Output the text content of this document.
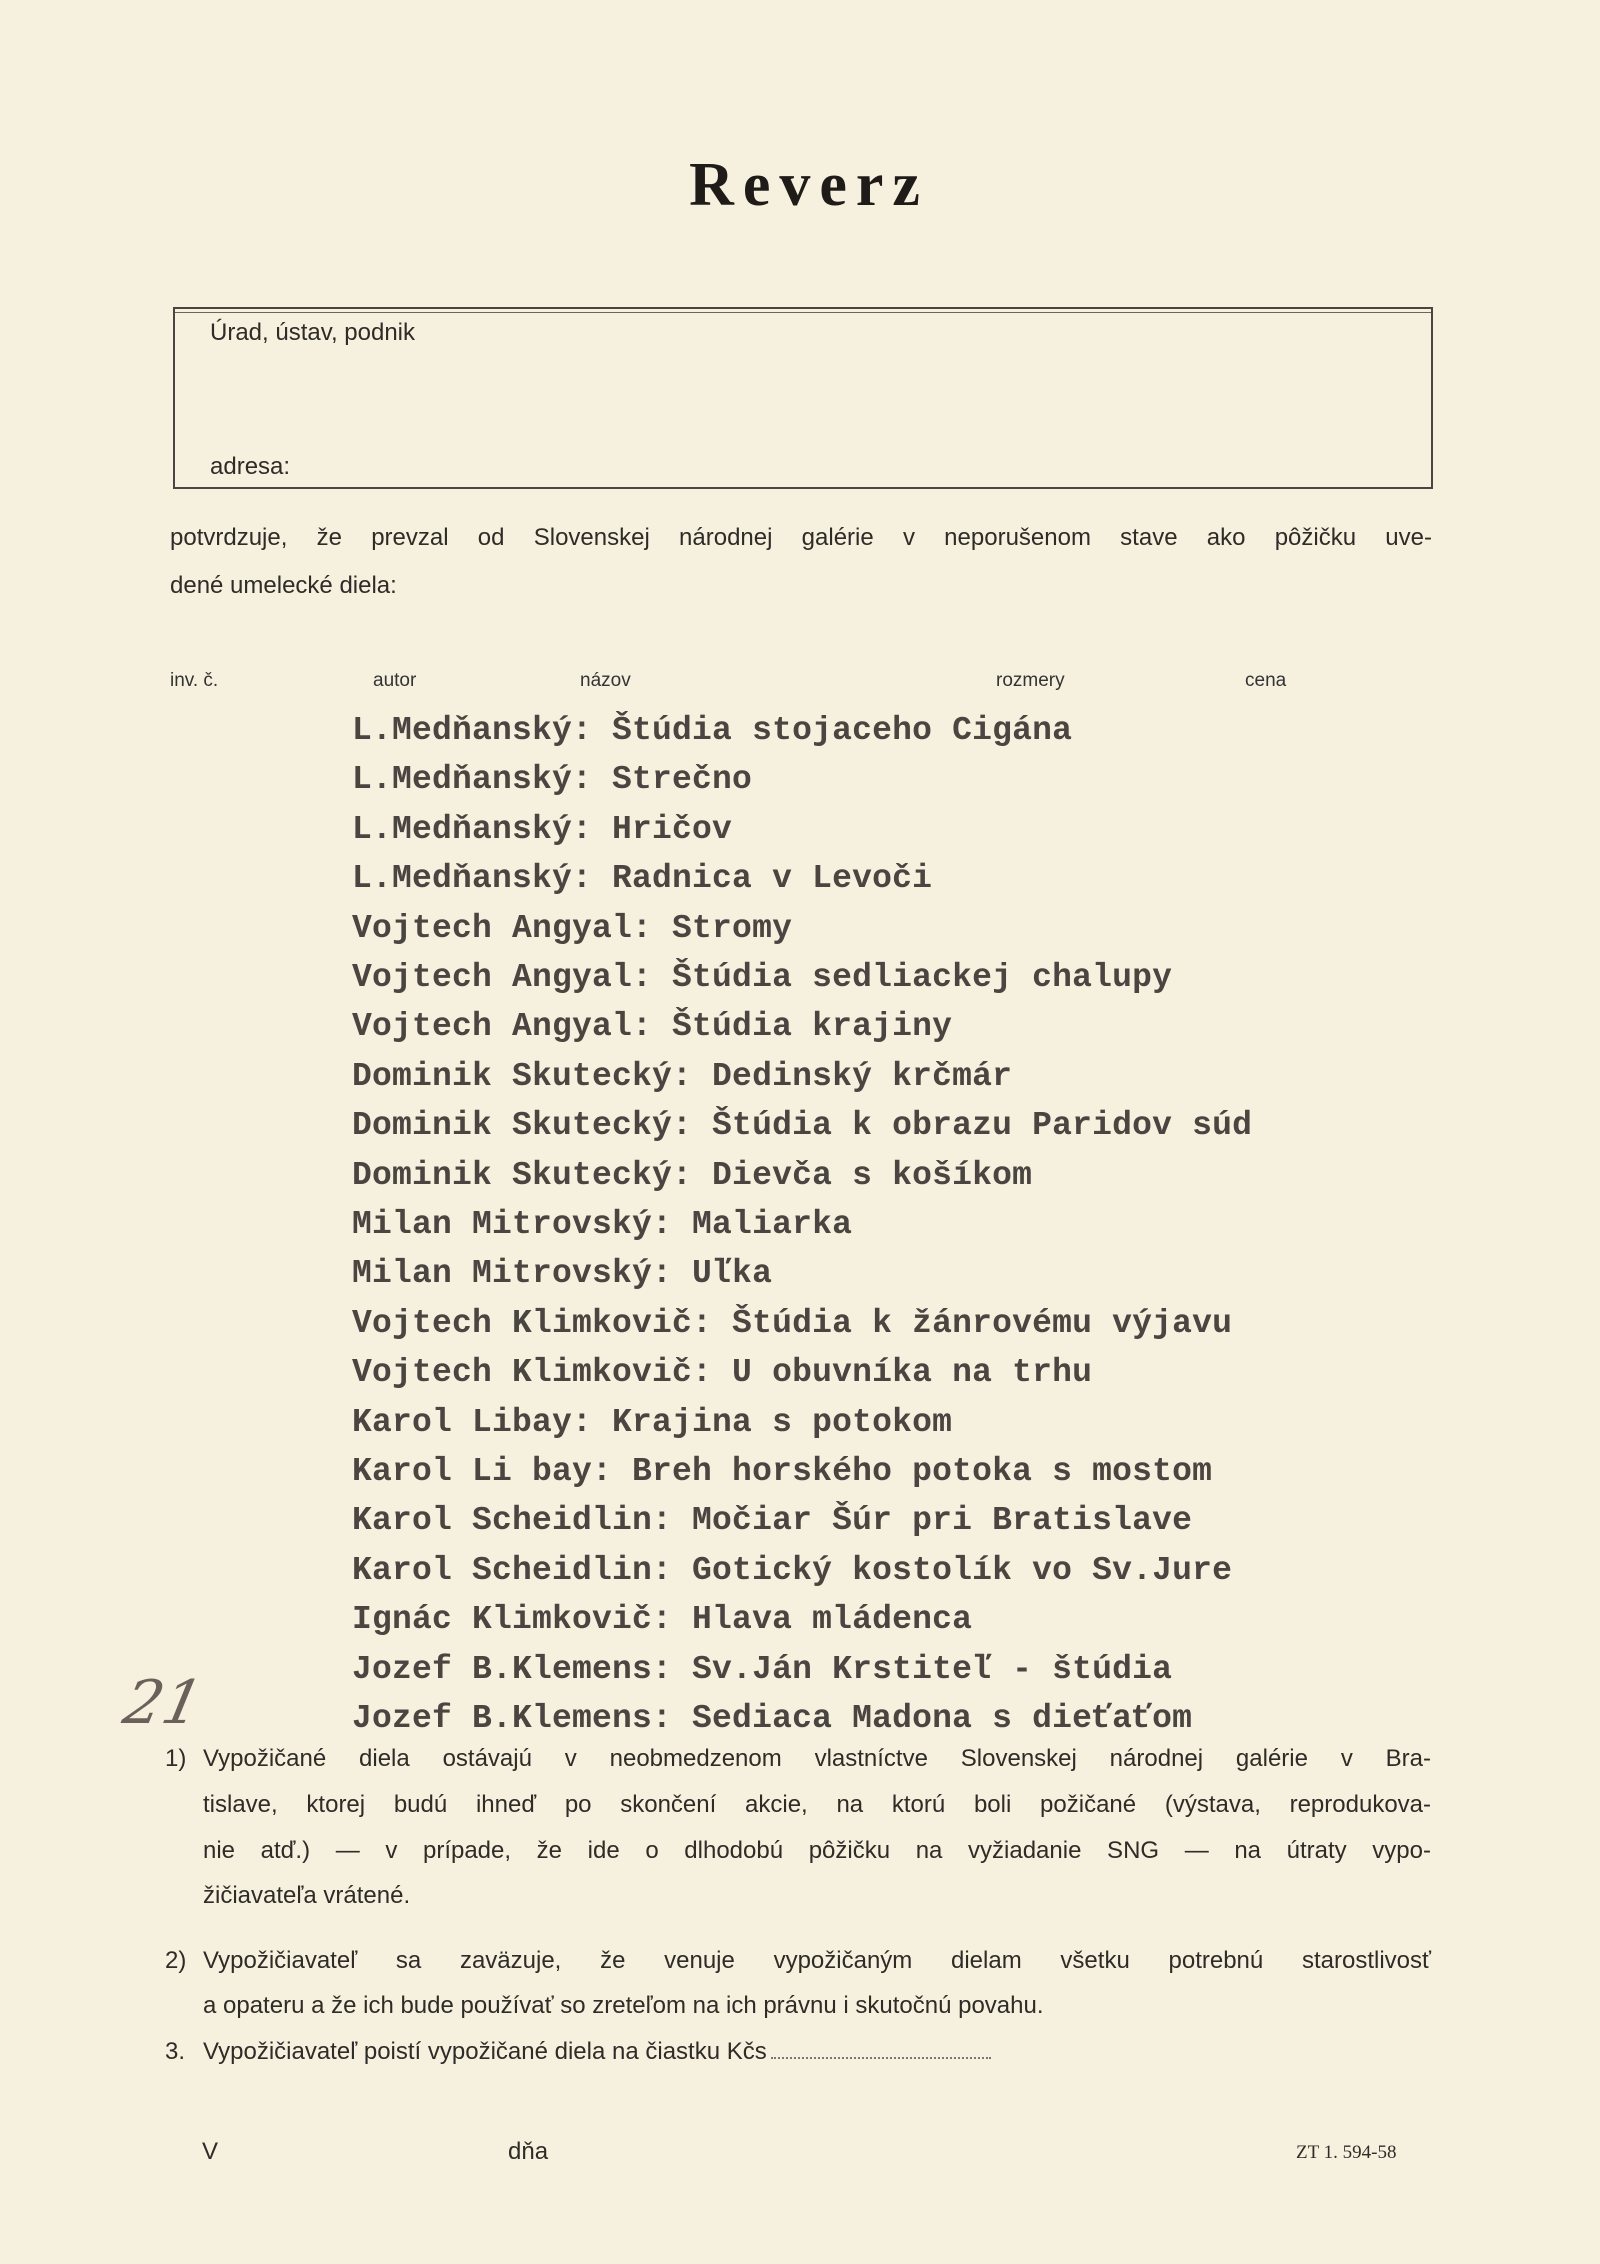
Reverz
Úrad, ústav, podnik
adresa:
potvrdzuje, že prevzal od Slovenskej národnej galérie v neporušenom stave ako pôžičku uve-
dené umelecké diela:
inv. č.	autor	názov	rozmery	cena
L.Medňanský: Štúdia stojaceho Cigána
L.Medňanský: Strečno
L.Medňanský: Hričov
L.Medňanský: Radnica v Levoči
Vojtech Angyal: Stromy
Vojtech Angyal: Štúdia sedliackej chalupy
Vojtech Angyal: Štúdia krajiny
Dominik Skutecký: Dedinský krčmár
Dominik Skutecký: Štúdia k obrazu Paridov súd
Dominik Skutecký: Dievča s košíkom
Milan Mitrovský: Maliarka
Milan Mitrovský: Uľka
Vojtech Klimkovič: Štúdia k žánrovému výjavu
Vojtech Klimkovič: U obuvníka na trhu
Karol Libay: Krajina s potokom
Karol Li bay: Breh horského potoka s mostom
Karol Scheidlin: Močiar Šúr pri Bratislave
Karol Scheidlin: Gotický kostolík vo Sv.Jure
Ignác Klimkovič: Hlava mládenca
Jozef B.Klemens: Sv.Ján Krstiteľ - štúdia
Jozef B.Klemens: Sediaca Madona s dieťaťom
21
1) Vypožičané diela ostávajú v neobmedzenom vlastníctve Slovenskej národnej galérie v Bra-
tislave, ktorej budú ihneď po skončení akcie, na ktorú boli požičané (výstava, reprodukova-
nie atď.) — v prípade, že ide o dlhodobú pôžičku na vyžiadanie SNG — na útraty vypo-
žičiavateľa vrátené.
2) Vypožičiavateľ sa zaväzuje, že venuje vypožičaným dielam všetku potrebnú starostlivosť
a opateru a že ich bude používať so zreteľom na ich právnu i skutočnú povahu.
3. Vypožičiavateľ poistí vypožičané diela na čiastku Kčs
V	dňa	ZT 1. 594-58
